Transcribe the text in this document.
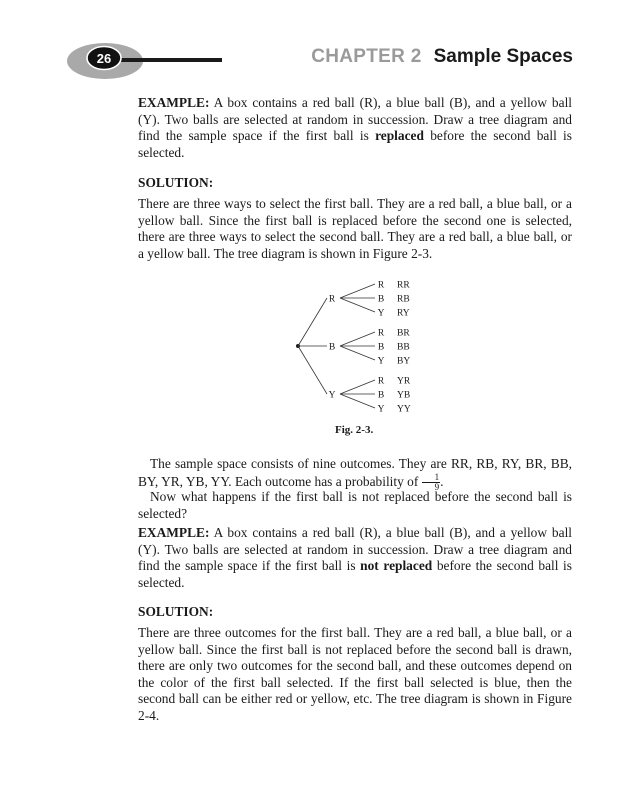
26	CHAPTER 2 Sample Spaces

EXAMPLE: A box contains a red ball (R), a blue ball (B), and a yellow ball (Y). Two balls are selected at random in succession. Draw a tree diagram and find the sample space if the first ball is replaced before the second ball is selected.

SOLUTION:

There are three ways to select the first ball. They are a red ball, a blue ball, or a yellow ball. Since the first ball is replaced before the second one is selected, there are three ways to select the second ball. They are a red ball, a blue ball, or a yellow ball. The tree diagram is shown in Figure 2-3.

R
R RR
B RB
Y RY
B
R BR
B BB
Y BY
Y
R YR
B YB
Y YY
Fig. 2-3.

The sample space consists of nine outcomes. They are RR, RB, RY, BR, BB, BY, YR, YB, YY. Each outcome has a probability of $\frac{1}{9}$ .

Now what happens if the first ball is not replaced before the second ball is selected?

EXAMPLE: A box contains a red ball (R), a blue ball (B), and a yellow ball (Y). Two balls are selected at random in succession. Draw a tree diagram and find the sample space if the first ball is not replaced before the second ball is selected.

SOLUTION:

There are three outcomes for the first ball. They are a red ball, a blue ball, or a yellow ball. Since the first ball is not replaced before the second ball is drawn, there are only two outcomes for the second ball, and these outcomes depend on the color of the first ball selected. If the first ball selected is blue, then the second ball can be either red or yellow, etc. The tree diagram is shown in Figure 2-4.
